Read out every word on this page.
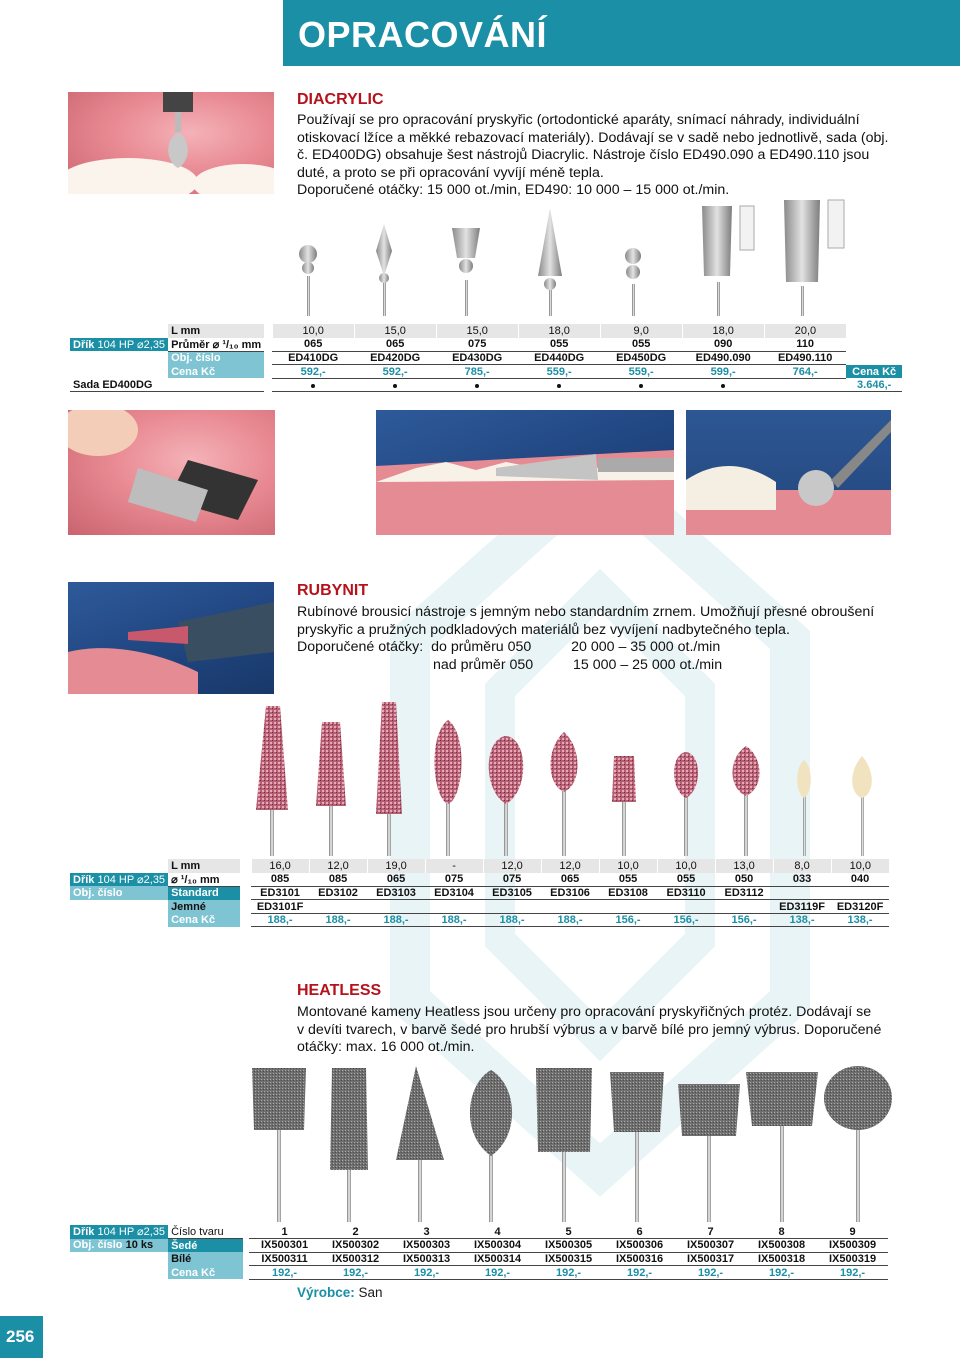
OPRACOVÁNÍ
DIACRYLIC

Používají se pro opracování pryskyřic (ortodontické aparáty, snímací náhrady, individuální

otiskovací lžíce a měkké rebazovací materiály). Dodávají se v sadě nebo jednotlivě, sada (obj.

č. ED400DG) obsahuje šest nástrojů Diacrylic. Nástroje číslo ED490.090 a ED490.110 jsou

duté, a proto se při opracování vyvíjí méně tepla.

Doporučené otáčky: 15 000 ot./min, ED490: 10 000 – 15 000 ot./min.

	L mm		10,0	15,0	15,0	18,0	9,0	18,0	20,0	
Dřík 104 HP ⌀2,35	Průměr ⌀ ¹/₁₀ mm		065	065	075	055	055	090	110	
	Obj. číslo		ED410DG	ED420DG	ED430DG	ED440DG	ED450DG	ED490.090	ED490.110	
	Cena Kč		592,-	592,-	785,-	559,-	559,-	599,-	764,-	Cena Kč
Sada ED400DG										3.646,-
RUBYNIT

Rubínové brousicí nástroje s jemným nebo standardním zrnem. Umožňují přesné obroušení

pryskyřic a pružných podkladových materiálů bez vyvíjení nadbytečného tepla.

Doporučené otáčky: do průměru 050	20 000 – 35 000 ot./min

nad průměr 050	15 000 – 25 000 ot./min

	L mm		16,0	12,0	19,0	-	12,0	12,0	10,0	10,0	13,0	8,0	10,0
Dřík 104 HP ⌀2,35	⌀ ¹/₁₀ mm		085	085	065	075	075	065	055	055	050	033	040
Obj. číslo	Standard		ED3101	ED3102	ED3103	ED3104	ED3105	ED3106	ED3108	ED3110	ED3112		
	Jemné		ED3101F									ED3119F	ED3120F
	Cena Kč		188,-	188,-	188,-	188,-	188,-	188,-	156,-	156,-	156,-	138,-	138,-
HEATLESS

Montované kameny Heatless jsou určeny pro opracování pryskyřičných protéz. Dodávají se

v devíti tvarech, v barvě šedé pro hrubší výbrus a v barvě bílé pro jemný výbrus. Doporučené

otáčky: max. 16 000 ot./min.

Dřík 104 HP ⌀2,35	Číslo tvaru		1	2	3	4	5	6	7	8	9
Obj. číslo 10 ks	Šedé		IX500301	IX500302	IX500303	IX500304	IX500305	IX500306	IX500307	IX500308	IX500309
	Bílé		IX500311	IX500312	IX500313	IX500314	IX500315	IX500316	IX500317	IX500318	IX500319
	Cena Kč		192,-	192,-	192,-	192,-	192,-	192,-	192,-	192,-	192,-
Výrobce: San
256
